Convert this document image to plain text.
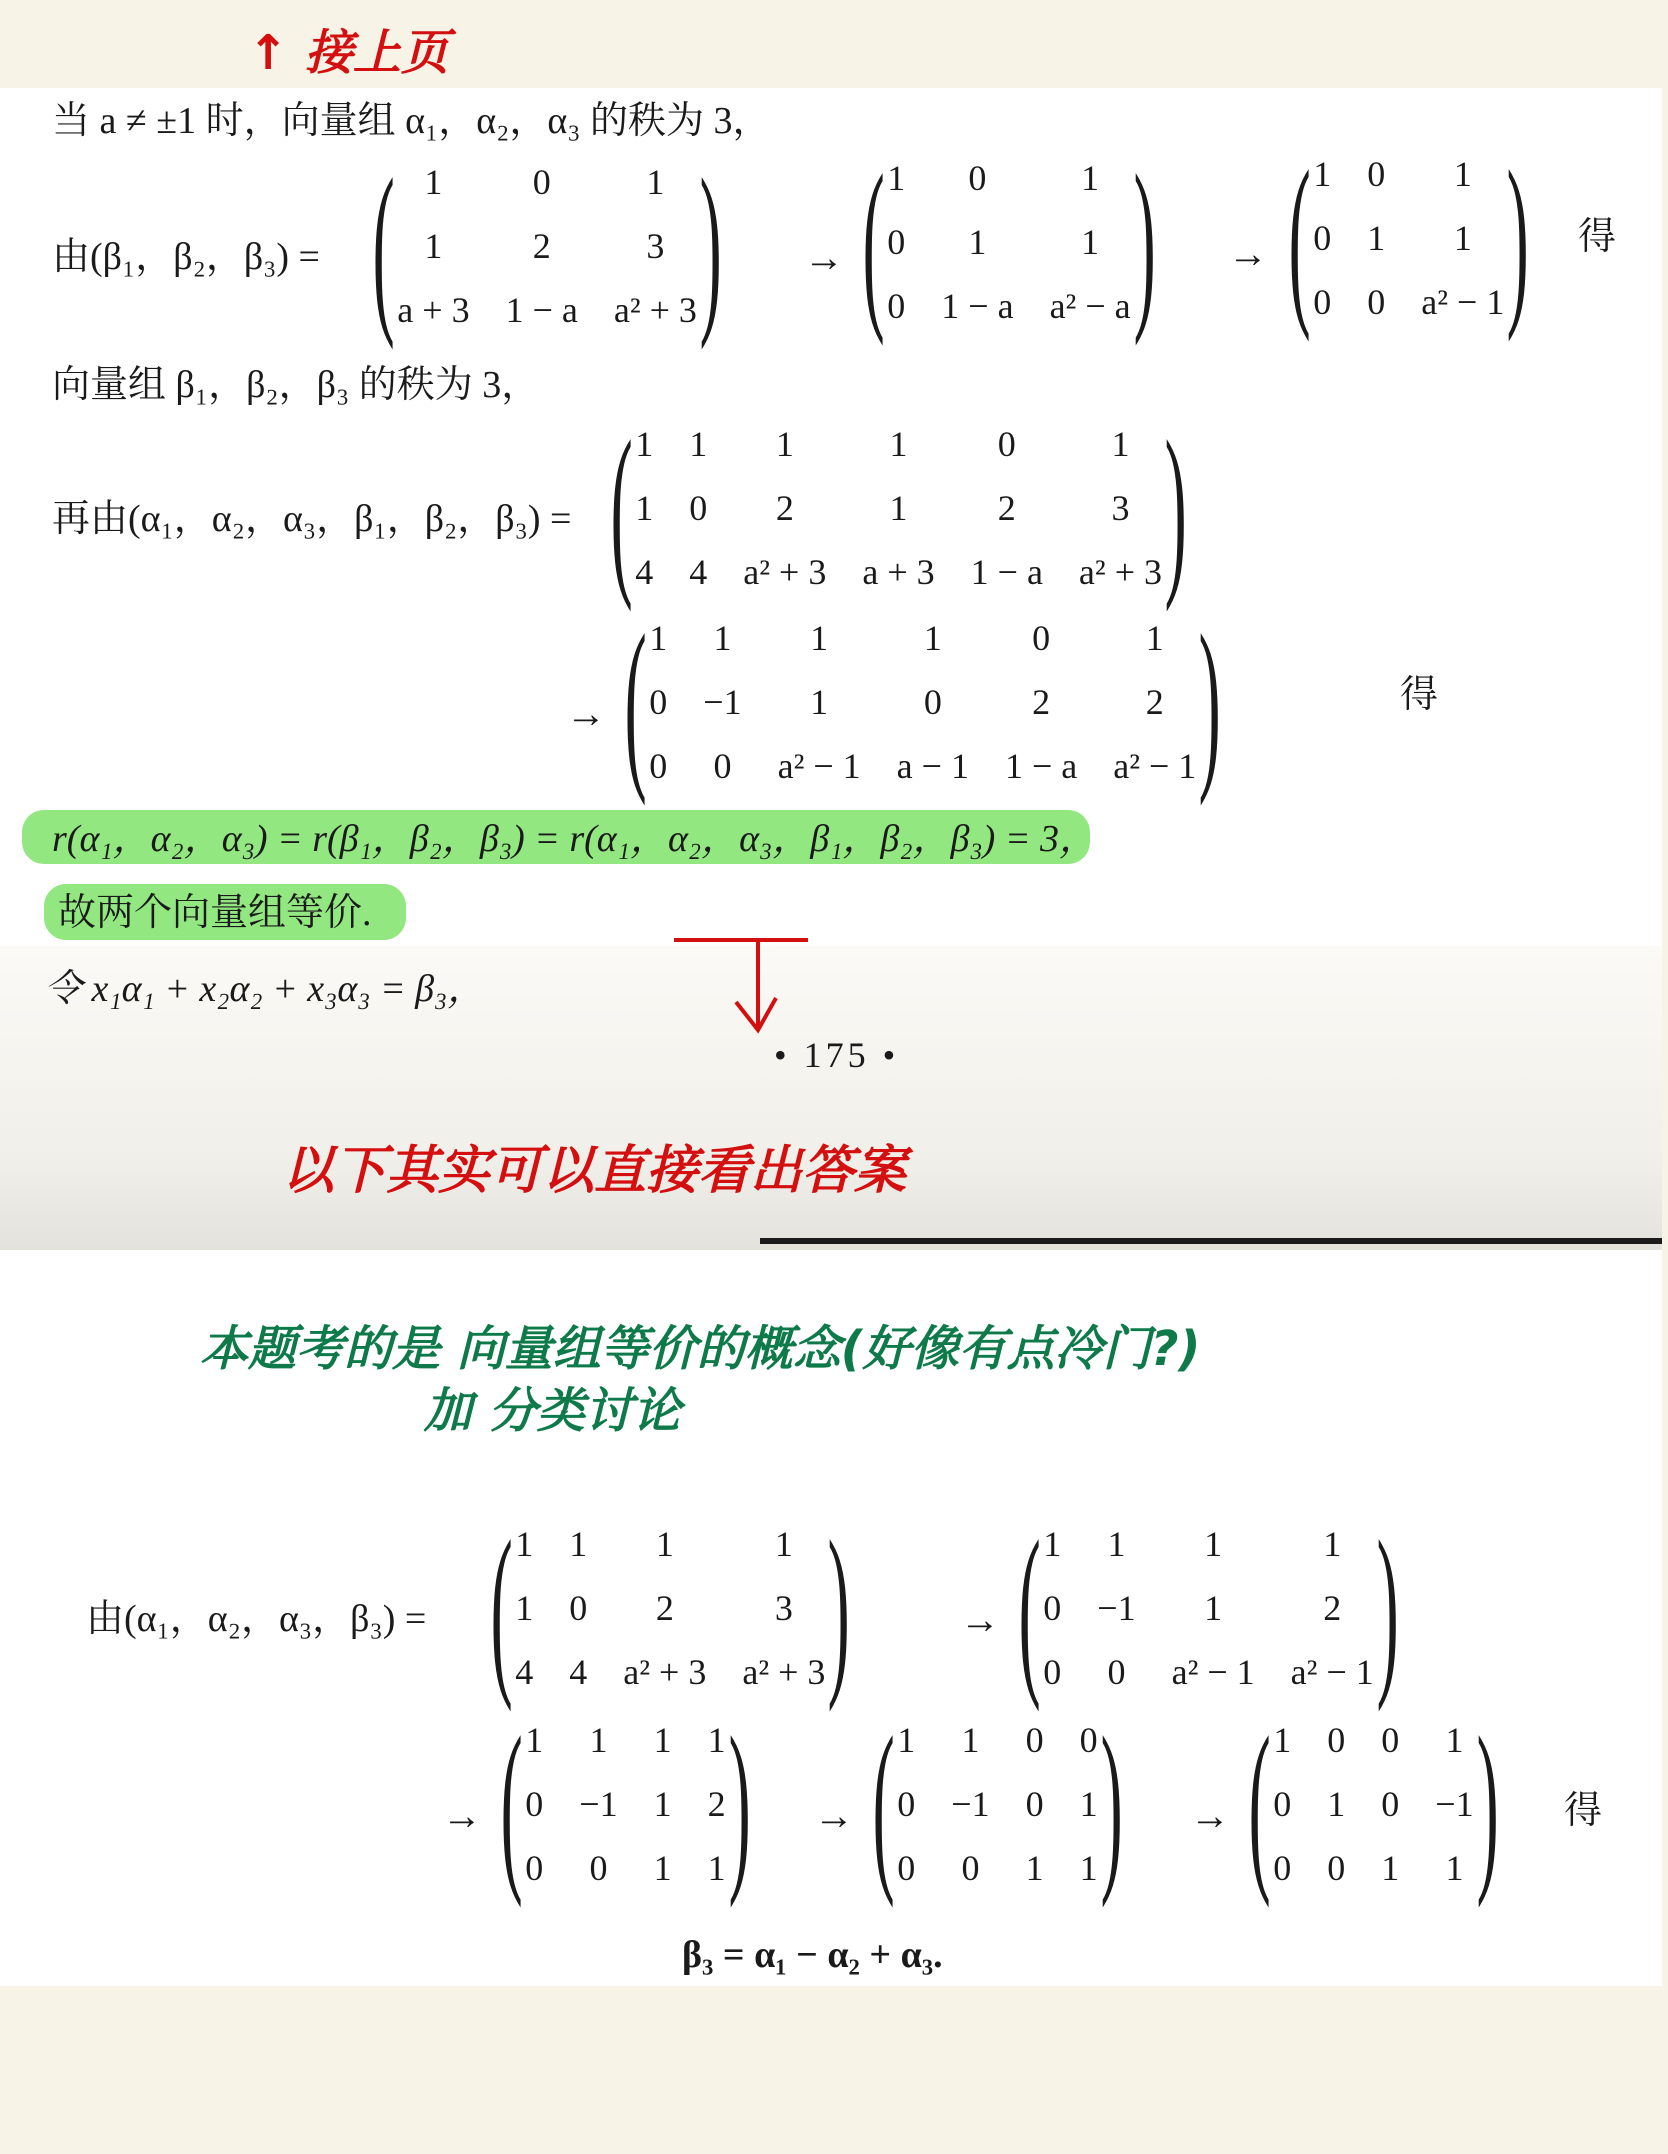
↑ 接上页
当 a ≠ ±1 时，向量组 α₁，α₂，α₃ 的秩为 3，
由(β₁，β₂，β₃) = ( 1	0	1
1	2	3
a + 3	1 − a	a² + 3 ) → ( 1	0	1
0	1	1
0	1 − a	a² − a ) → ( 1	0	1
0	1	1
0	0	a² − 1 ) 得
向量组 β₁，β₂，β₃ 的秩为 3，
再由(α₁，α₂，α₃，β₁，β₂，β₃) = ( 1	1	1	1	0	1
1	0	2	1	2	3
4	4	a² + 3	a + 3	1 − a	a² + 3 )
→ ( 1	1	1	1	0	1
0	−1	1	0	2	2
0	0	a² − 1	a − 1	1 − a	a² − 1 )	得
r(α₁，α₂，α₃) = r(β₁，β₂，β₃) = r(α₁，α₂，α₃，β₁，β₂，β₃) = 3，
故两个向量组等价.
令 x₁α₁ + x₂α₂ + x₃α₃ = β₃，
• 175 •
以下其实可以直接看出答案
本题考的是 向量组等价的概念(好像有点冷门?)
加 分类讨论
由(α₁，α₂，α₃，β₃) = ( 1	1	1	1
1	0	2	3
4	4	a² + 3	a² + 3 )	→ ( 1	1	1	1
0	−1	1	2
0	0	a² − 1	a² − 1 )
→ ( 1	1	1	1
0	−1	1	2
0	0	1	1 ) → ( 1	1	0	0
0	−1	0	1
0	0	1	1 ) → ( 1	0	0	1
0	1	0	−1
0	0	1	1 ) 得
β₃ = α₁ − α₂ + α₃.
